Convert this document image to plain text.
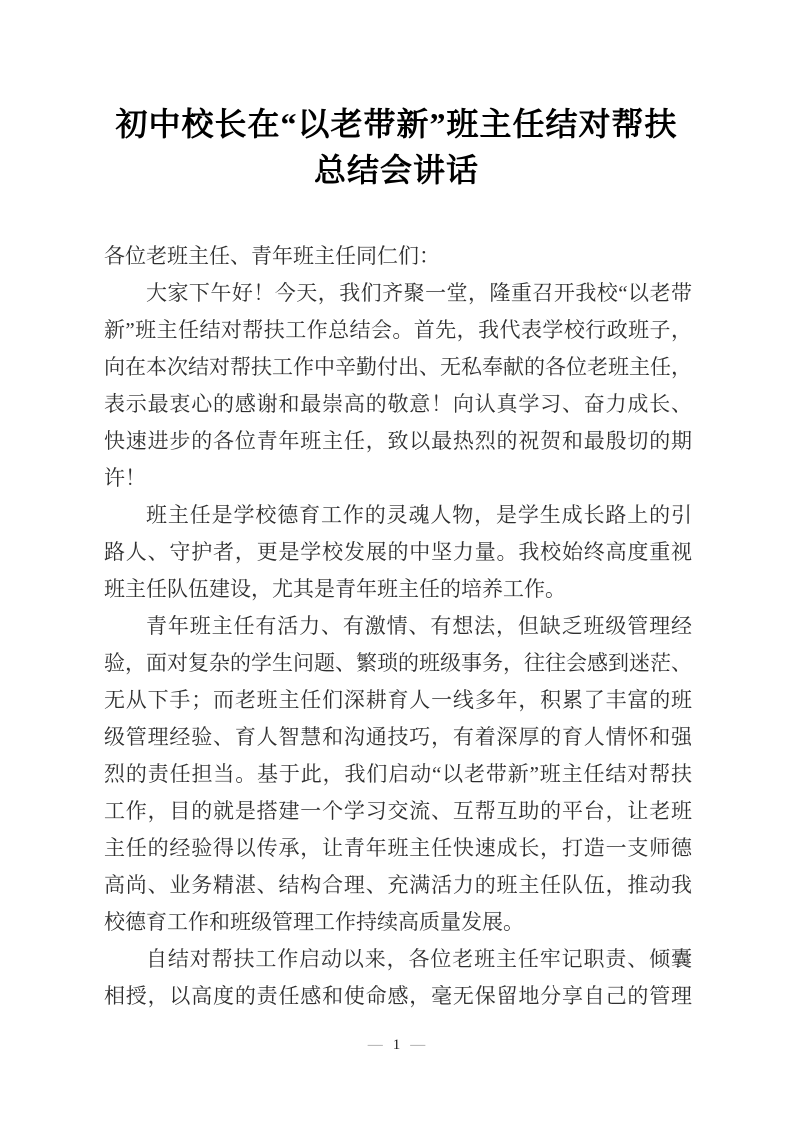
初中校长在“以老带新”班主任结对帮扶
总结会讲话
各位老班主任、青年班主任同仁们：
大家下午好！今天，我们齐聚一堂，隆重召开我校“以老带
新”班主任结对帮扶工作总结会。首先，我代表学校行政班子，
向在本次结对帮扶工作中辛勤付出、无私奉献的各位老班主任，
表示最衷心的感谢和最崇高的敬意！向认真学习、奋力成长、
快速进步的各位青年班主任，致以最热烈的祝贺和最殷切的期
许！
班主任是学校德育工作的灵魂人物，是学生成长路上的引
路人、守护者，更是学校发展的中坚力量。我校始终高度重视
班主任队伍建设，尤其是青年班主任的培养工作。
青年班主任有活力、有激情、有想法，但缺乏班级管理经
验，面对复杂的学生问题、繁琐的班级事务，往往会感到迷茫、
无从下手；而老班主任们深耕育人一线多年，积累了丰富的班
级管理经验、育人智慧和沟通技巧，有着深厚的育人情怀和强
烈的责任担当。基于此，我们启动“以老带新”班主任结对帮扶
工作，目的就是搭建一个学习交流、互帮互助的平台，让老班
主任的经验得以传承，让青年班主任快速成长，打造一支师德
高尚、业务精湛、结构合理、充满活力的班主任队伍，推动我
校德育工作和班级管理工作持续高质量发展。
自结对帮扶工作启动以来，各位老班主任牢记职责、倾囊
相授，以高度的责任感和使命感，毫无保留地分享自己的管理
— 1 —
